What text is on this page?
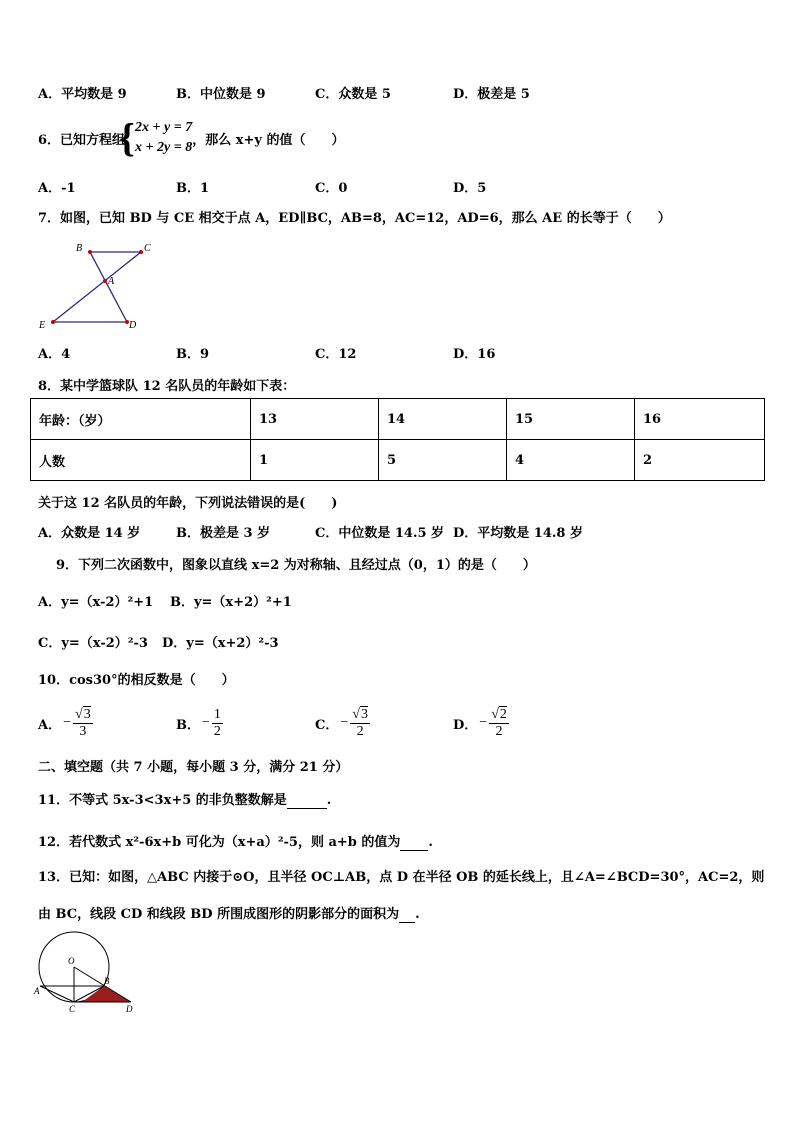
A．平均数是 9	B．中位数是 9	C．众数是 5	D．极差是 5
6．已知方程组
{ 2x + y = 7
x + 2y = 8 ，那么 x+y 的值（　　）
A．-1	B．1	C．0	D．5
7．如图，已知 BD 与 CE 相交于点 A，ED∥BC，AB=8，AC=12，AD=6，那么 AE 的长等于（　　）
B	C
A
E	D
A．4	B．9	C．12	D．16
8．某中学篮球队 12 名队员的年龄如下表：
年龄：（岁）	13	14	15	16
人数	1	5	4	2
关于这 12 名队员的年龄，下列说法错误的是(　　)
A．众数是 14 岁	B．极差是 3 岁	C．中位数是 14.5 岁 D．平均数是 14.8 岁
9．下列二次函数中，图象以直线 x=2 为对称轴、且经过点（0，1）的是（　　）
A．y=（x-2）²+1 B．y=（x+2）²+1
C．y=（x-2）²-3 D．y=（x+2）²-3
10．cos30°的相反数是（　　）
A． − $\frac{√3}{3}$	B． − $\frac{1}{2}$	C． − $\frac{√3}{2}$	D． − $\frac{√2}{2}$
二、填空题（共 7 小题，每小题 3 分，满分 21 分）
11．不等式 5x-3<3x+5 的非负整数解是	.
12．若代数式 x²-6x+b 可化为（x+a）²-5，则 a+b 的值为 .
13．已知：如图，△ABC 内接于⊙O，且半径 OC⊥AB，点 D 在半径 OB 的延长线上，且∠A=∠BCD=30°，AC=2，则
由 BC，线段 CD 和线段 BD 所围成图形的阴影部分的面积为 .
O
A
B
C	D
